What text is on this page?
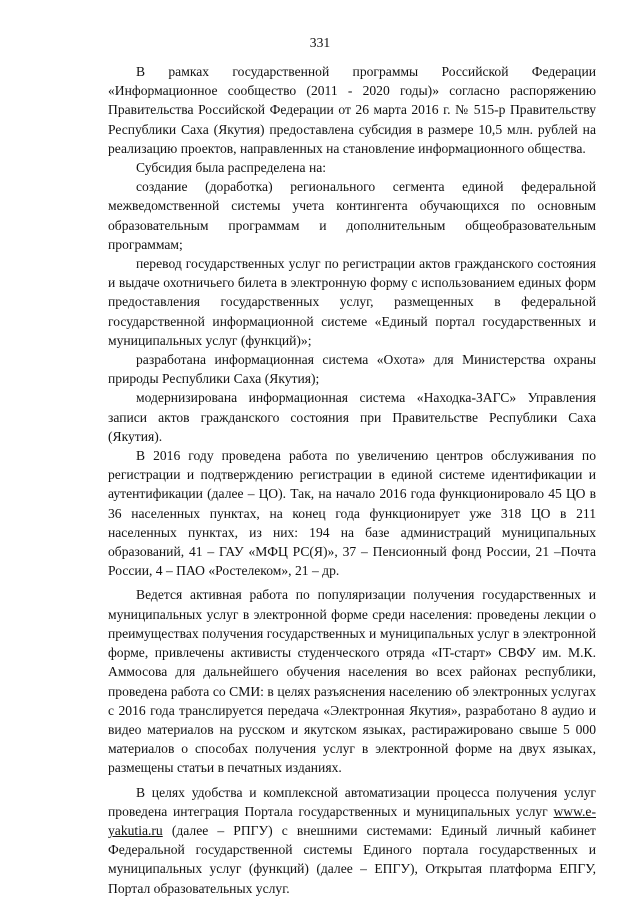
331

В рамках государственной программы Российской Федерации «Информационное сообщество (2011 - 2020 годы)» согласно распоряжению Правительства Российской Федерации от 26 марта 2016 г. № 515-р Правительству Республики Саха (Якутия) предоставлена субсидия в размере 10,5 млн. рублей на реализацию проектов, направленных на становление информационного общества.

Субсидия была распределена на:

создание (доработка) регионального сегмента единой федеральной межведомственной системы учета контингента обучающихся по основным образовательным программам и дополнительным общеобразовательным программам;

перевод государственных услуг по регистрации актов гражданского состояния и выдаче охотничьего билета в электронную форму с использованием единых форм предоставления государственных услуг, размещенных в федеральной государственной информационной системе «Единый портал государственных и муниципальных услуг (функций)»;

разработана информационная система «Охота» для Министерства охраны природы Республики Саха (Якутия);

модернизирована информационная система «Находка-ЗАГС» Управления записи актов гражданского состояния при Правительстве Республики Саха (Якутия).

В 2016 году проведена работа по увеличению центров обслуживания по регистрации и подтверждению регистрации в единой системе идентификации и аутентификации (далее – ЦО). Так, на начало 2016 года функционировало 45 ЦО в 36 населенных пунктах, на конец года функционирует уже 318 ЦО в 211 населенных пунктах, из них: 194 на базе администраций муниципальных образований, 41 – ГАУ «МФЦ РС(Я)», 37 – Пенсионный фонд России, 21 –Почта России, 4 – ПАО «Ростелеком», 21 – др.

Ведется активная работа по популяризации получения государственных и муниципальных услуг в электронной форме среди населения: проведены лекции о преимуществах получения государственных и муниципальных услуг в электронной форме, привлечены активисты студенческого отряда «IT-старт» СВФУ им. М.К. Аммосова для дальнейшего обучения населения во всех районах республики, проведена работа со СМИ: в целях разъяснения населению об электронных услугах с 2016 года транслируется передача «Электронная Якутия», разработано 8 аудио и видео материалов на русском и якутском языках, растиражировано свыше 5 000 материалов о способах получения услуг в электронной форме на двух языках, размещены статьи в печатных изданиях.

В целях удобства и комплексной автоматизации процесса получения услуг проведена интеграция Портала государственных и муниципальных услуг www.e-yakutia.ru (далее – РПГУ) с внешними системами: Единый личный кабинет Федеральной государственной системы Единого портала государственных и муниципальных услуг (функций) (далее – ЕПГУ), Открытая платформа ЕПГУ, Портал образовательных услуг.
